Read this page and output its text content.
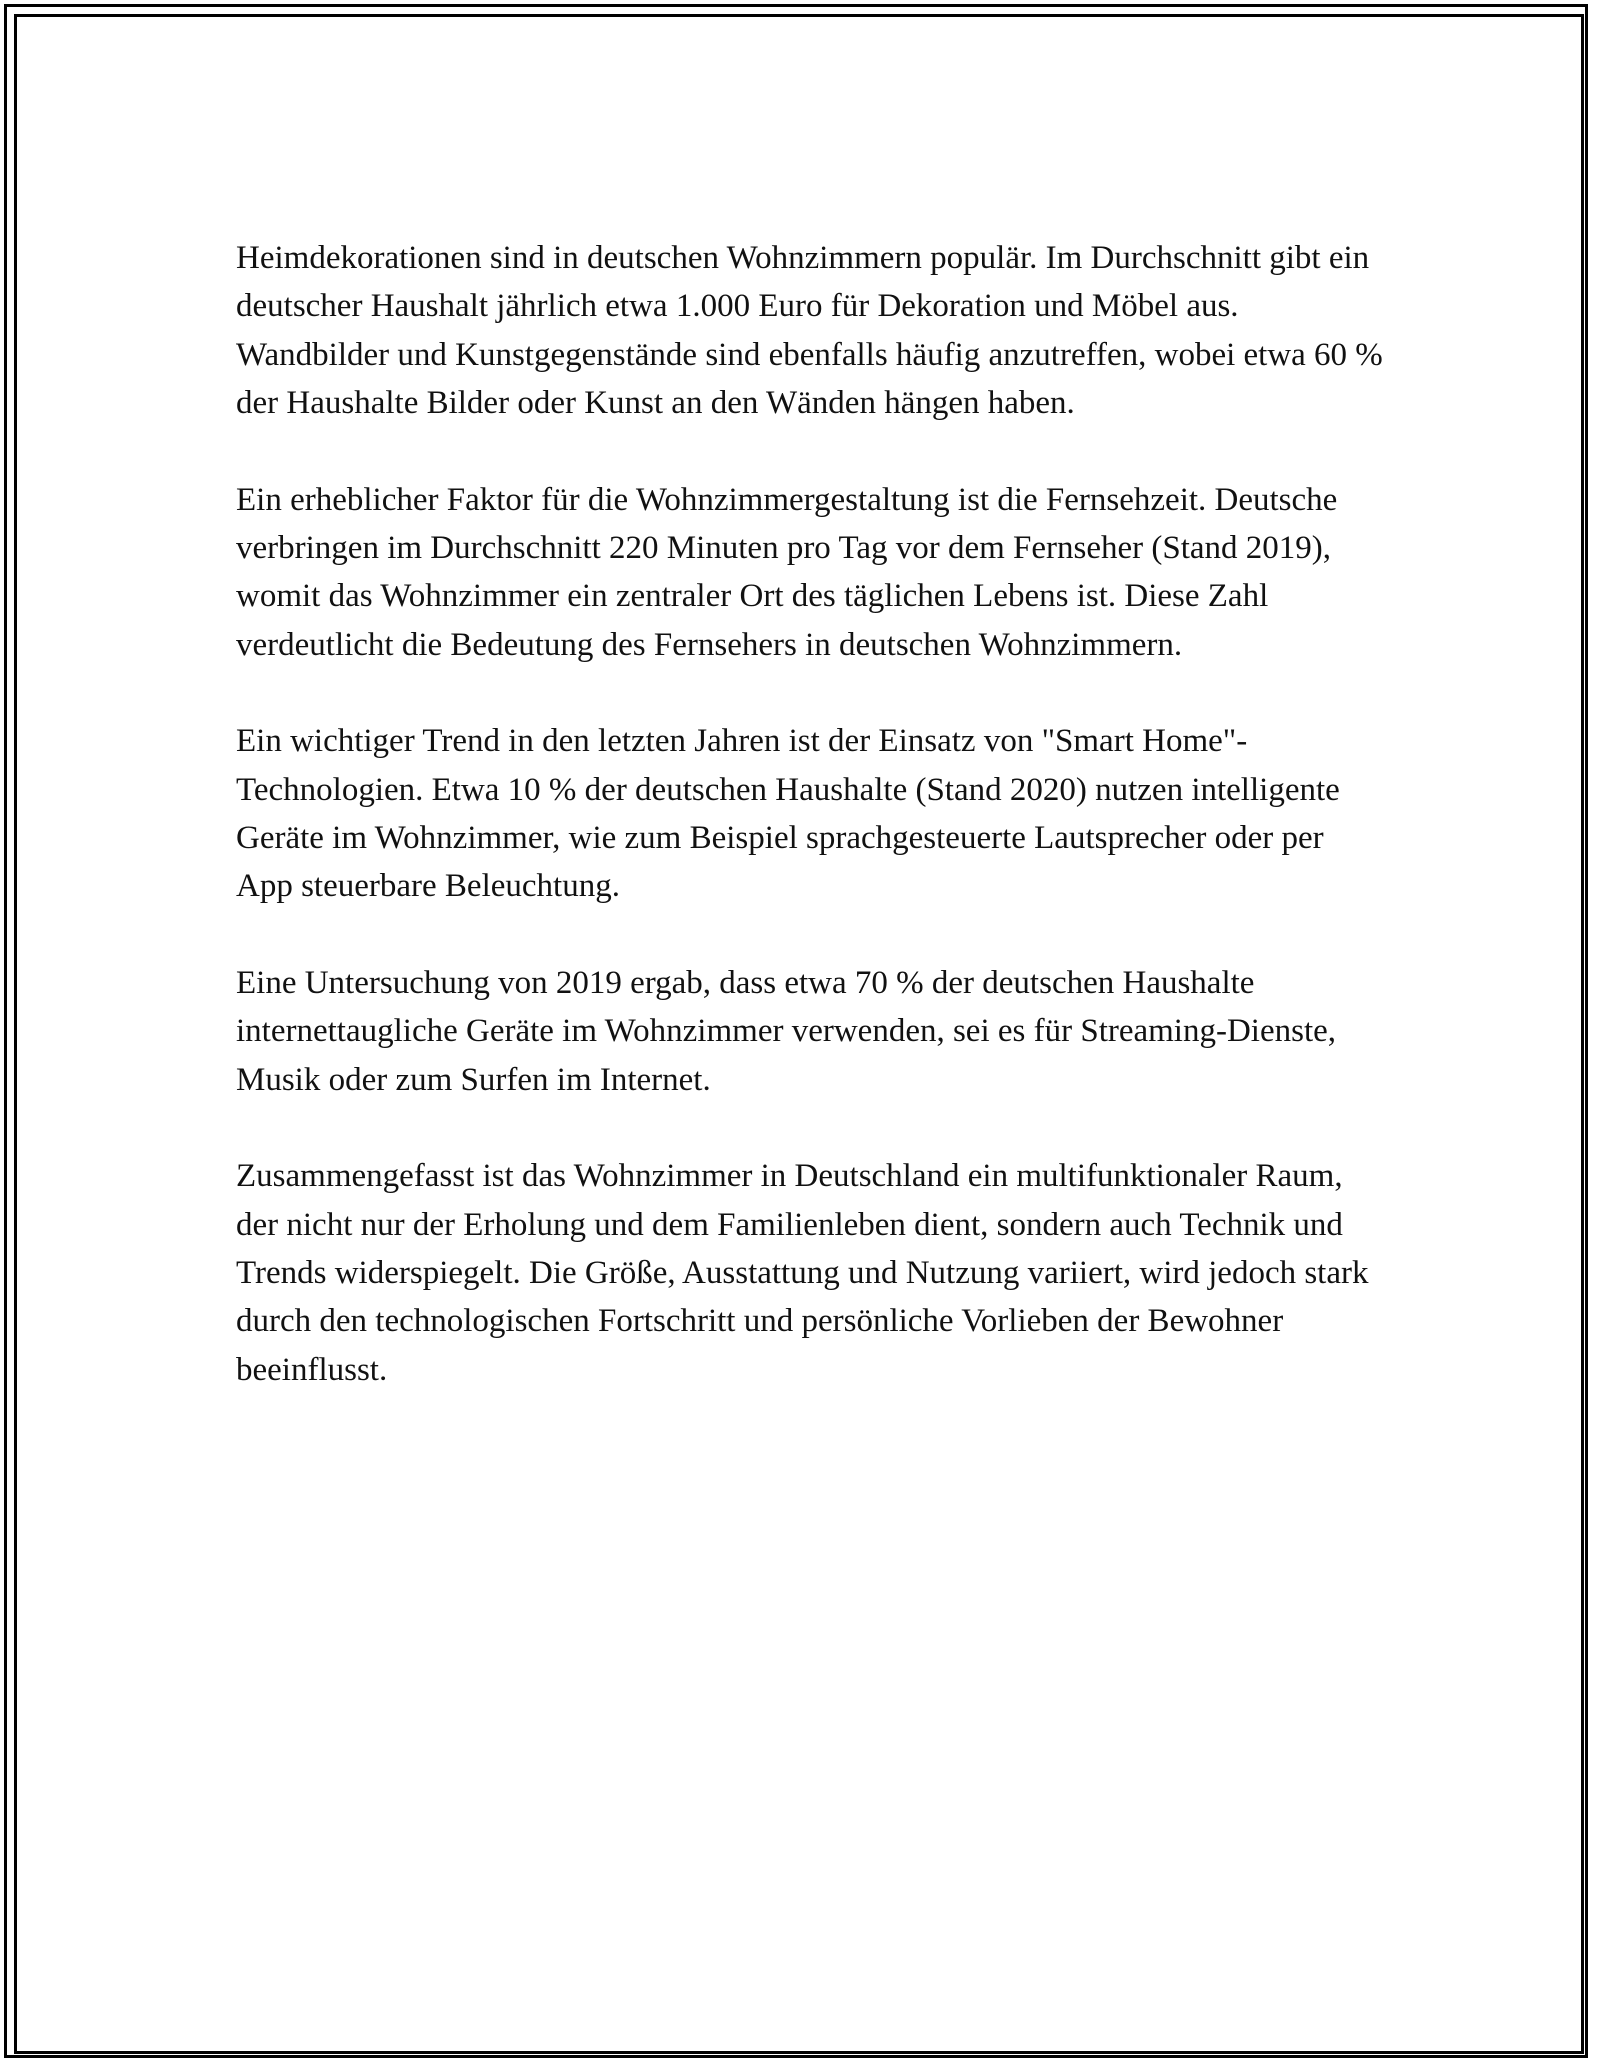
Heimdekorationen sind in deutschen Wohnzimmern populär. Im Durchschnitt gibt ein deutscher Haushalt jährlich etwa 1.000 Euro für Dekoration und Möbel aus. Wandbilder und Kunstgegenstände sind ebenfalls häufig anzutreffen, wobei etwa 60 % der Haushalte Bilder oder Kunst an den Wänden hängen haben.

Ein erheblicher Faktor für die Wohnzimmergestaltung ist die Fernsehzeit. Deutsche verbringen im Durchschnitt 220 Minuten pro Tag vor dem Fernseher (Stand 2019), womit das Wohnzimmer ein zentraler Ort des täglichen Lebens ist. Diese Zahl verdeutlicht die Bedeutung des Fernsehers in deutschen Wohnzimmern.

Ein wichtiger Trend in den letzten Jahren ist der Einsatz von "Smart Home"-Technologien. Etwa 10 % der deutschen Haushalte (Stand 2020) nutzen intelligente Geräte im Wohnzimmer, wie zum Beispiel sprachgesteuerte Lautsprecher oder per App steuerbare Beleuchtung.

Eine Untersuchung von 2019 ergab, dass etwa 70 % der deutschen Haushalte internettaugliche Geräte im Wohnzimmer verwenden, sei es für Streaming-Dienste, Musik oder zum Surfen im Internet.

Zusammengefasst ist das Wohnzimmer in Deutschland ein multifunktionaler Raum, der nicht nur der Erholung und dem Familienleben dient, sondern auch Technik und Trends widerspiegelt. Die Größe, Ausstattung und Nutzung variiert, wird jedoch stark durch den technologischen Fortschritt und persönliche Vorlieben der Bewohner beeinflusst.
